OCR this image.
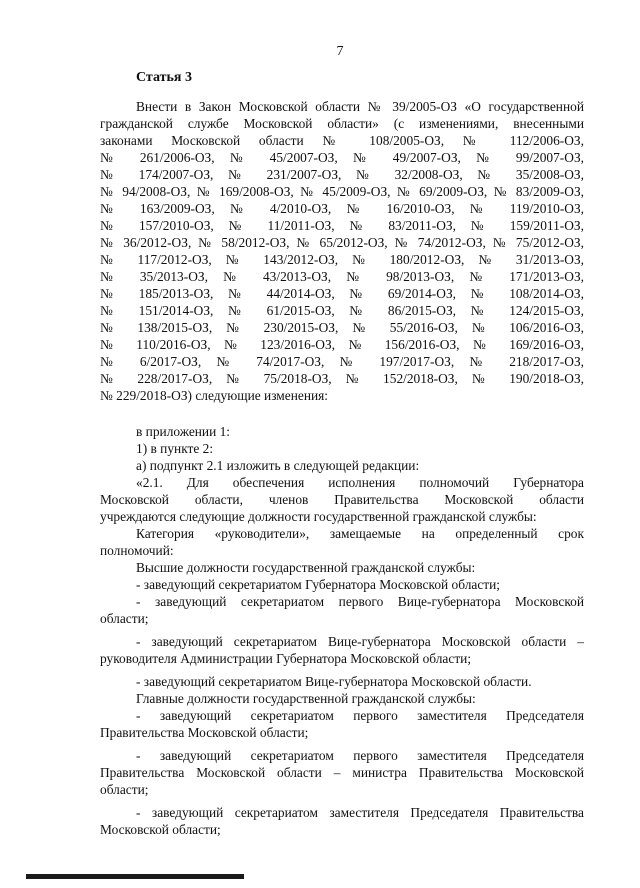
7
Статья 3
Внести в Закон Московской области № 39/2005-ОЗ «О государственной
гражданской службе Московской области» (с изменениями, внесенными
законами Московской области № 108/2005-ОЗ, № 112/2006-ОЗ,
№ 261/2006-ОЗ, № 45/2007-ОЗ, № 49/2007-ОЗ, № 99/2007-ОЗ,
№ 174/2007-ОЗ, № 231/2007-ОЗ, № 32/2008-ОЗ, № 35/2008-ОЗ,
№ 94/2008-ОЗ, № 169/2008-ОЗ, № 45/2009-ОЗ, № 69/2009-ОЗ, № 83/2009-ОЗ,
№ 163/2009-ОЗ, № 4/2010-ОЗ, № 16/2010-ОЗ, № 119/2010-ОЗ,
№ 157/2010-ОЗ, № 11/2011-ОЗ, № 83/2011-ОЗ, № 159/2011-ОЗ,
№ 36/2012-ОЗ, № 58/2012-ОЗ, № 65/2012-ОЗ, № 74/2012-ОЗ, № 75/2012-ОЗ,
№ 117/2012-ОЗ, № 143/2012-ОЗ, № 180/2012-ОЗ, № 31/2013-ОЗ,
№ 35/2013-ОЗ, № 43/2013-ОЗ, № 98/2013-ОЗ, № 171/2013-ОЗ,
№ 185/2013-ОЗ, № 44/2014-ОЗ, № 69/2014-ОЗ, № 108/2014-ОЗ,
№ 151/2014-ОЗ, № 61/2015-ОЗ, № 86/2015-ОЗ, № 124/2015-ОЗ,
№ 138/2015-ОЗ, № 230/2015-ОЗ, № 55/2016-ОЗ, № 106/2016-ОЗ,
№ 110/2016-ОЗ, № 123/2016-ОЗ, № 156/2016-ОЗ, № 169/2016-ОЗ,
№ 6/2017-ОЗ, № 74/2017-ОЗ, № 197/2017-ОЗ, № 218/2017-ОЗ,
№ 228/2017-ОЗ, № 75/2018-ОЗ, № 152/2018-ОЗ, № 190/2018-ОЗ,
№ 229/2018-ОЗ) следующие изменения:
в приложении 1:
1) в пункте 2:
а) подпункт 2.1 изложить в следующей редакции:
«2.1. Для обеспечения исполнения полномочий Губернатора
Московской области, членов Правительства Московской области
учреждаются следующие должности государственной гражданской службы:
Категория «руководители», замещаемые на определенный срок
полномочий:
Высшие должности государственной гражданской службы:
- заведующий секретариатом Губернатора Московской области;
- заведующий секретариатом первого Вице-губернатора Московской
области;
- заведующий секретариатом Вице-губернатора Московской области –
руководителя Администрации Губернатора Московской области;
- заведующий секретариатом Вице-губернатора Московской области.
Главные должности государственной гражданской службы:
- заведующий секретариатом первого заместителя Председателя
Правительства Московской области;
- заведующий секретариатом первого заместителя Председателя
Правительства Московской области – министра Правительства Московской
области;
- заведующий секретариатом заместителя Председателя Правительства
Московской области;
